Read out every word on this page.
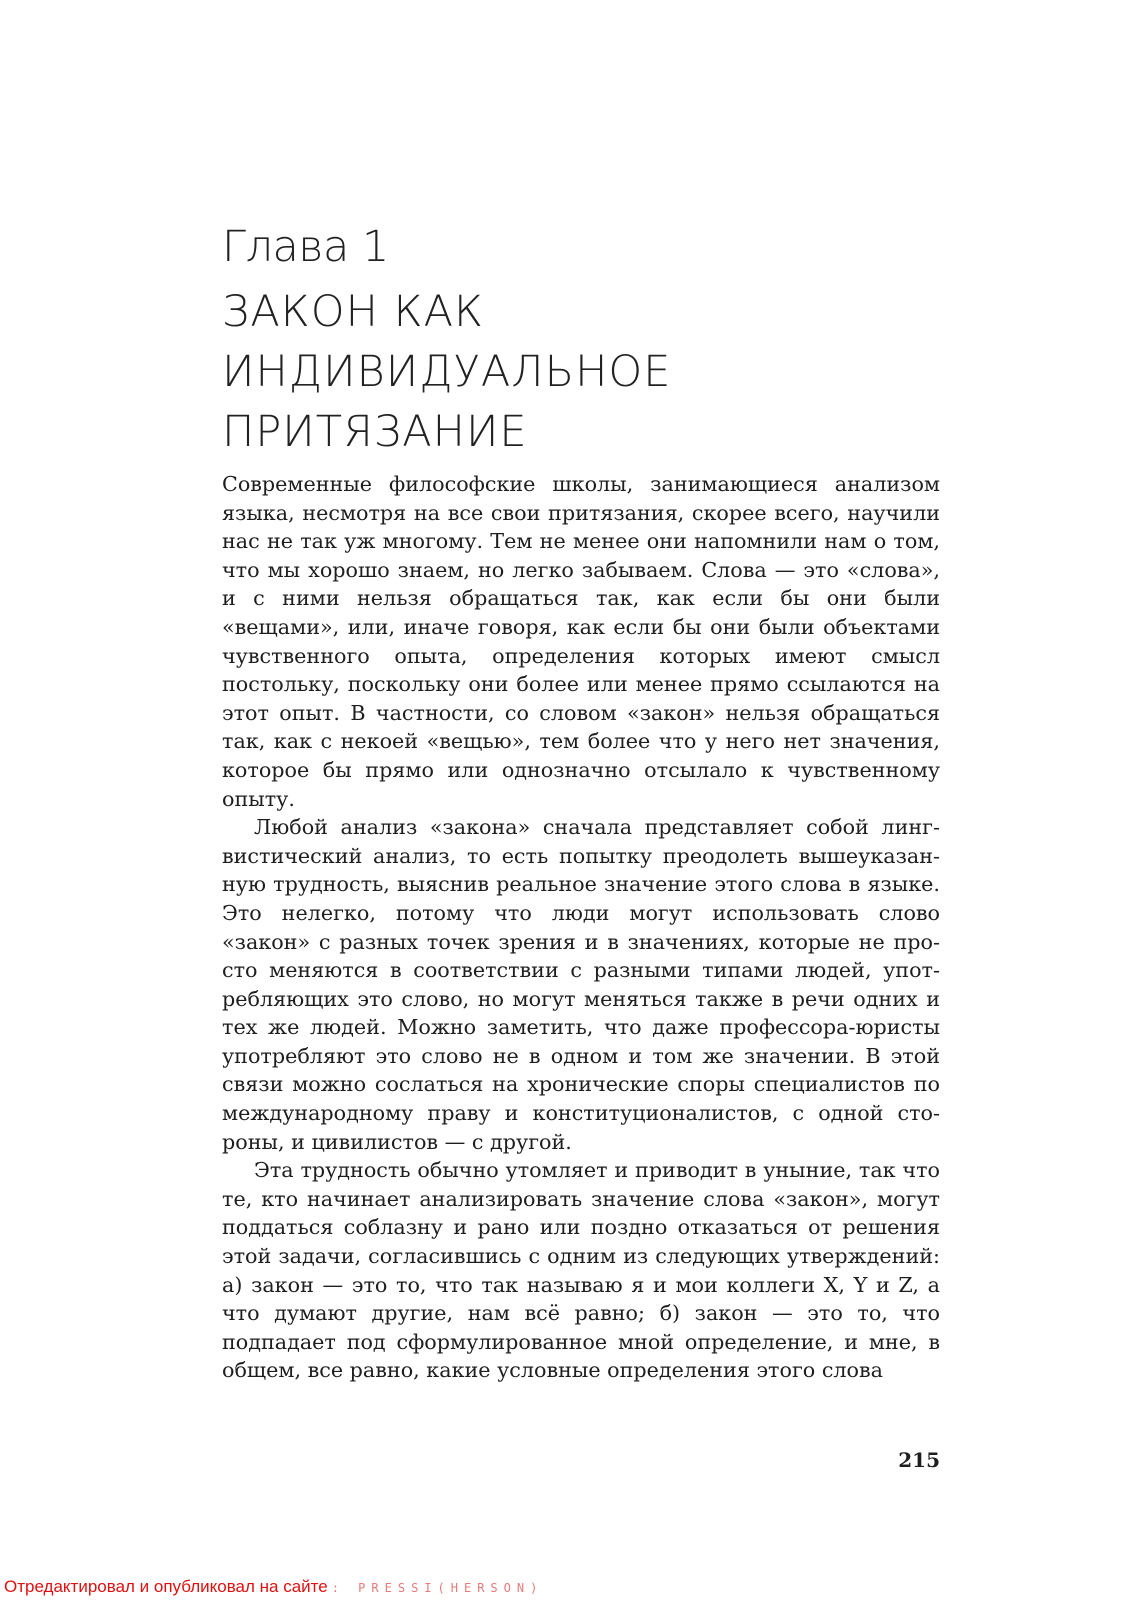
Глава 1
ЗАКОН КАК ИНДИВИДУАЛЬНОЕ ПРИТЯЗАНИЕ

Современные философские школы, занимающиеся анализом языка, несмотря на все свои притязания, скорее всего, научили нас не так уж многому. Тем не менее они напомнили нам о том, что мы хорошо знаем, но легко забываем. Слова — это «слова», и с ними нельзя обращаться так, как если бы они были «вещами», или, иначе говоря, как если бы они были объектами чувственного опыта, определения которых имеют смысл постольку, поскольку они более или менее прямо ссылаются на этот опыт. В частности, со словом «закон» нельзя обращаться так, как с некоей «вещью», тем более что у него нет значения, которое бы прямо или однозначно отсылало к чувственному опыту.

Любой анализ «закона» сначала представляет собой лингвистический анализ, то есть попытку преодолеть вышеуказанную трудность, выяснив реальное значение этого слова в языке. Это нелегко, потому что люди могут использовать слово «закон» с разных точек зрения и в значениях, которые не просто меняются в соответствии с разными типами людей, употребляющих это слово, но могут меняться также в речи одних и тех же людей. Можно заметить, что даже профессора-юристы употребляют это слово не в одном и том же значении. В этой связи можно сослаться на хронические споры специалистов по международному праву и конституционалистов, с одной стороны, и цивилистов — с другой.

Эта трудность обычно утомляет и приводит в уныние, так что те, кто начинает анализировать значение слова «закон», могут поддаться соблазну и рано или поздно отказаться от решения этой задачи, согласившись с одним из следующих утверждений: а) закон — это то, что так называю я и мои коллеги X, Y и Z, а что думают другие, нам всё равно; б) закон — это то, что подпадает под сформулированное мной определение, и мне, в общем, все равно, какие условные определения этого слова

215
Отредактировал и опубликовал на сайте : PRESSI(HERSON)
